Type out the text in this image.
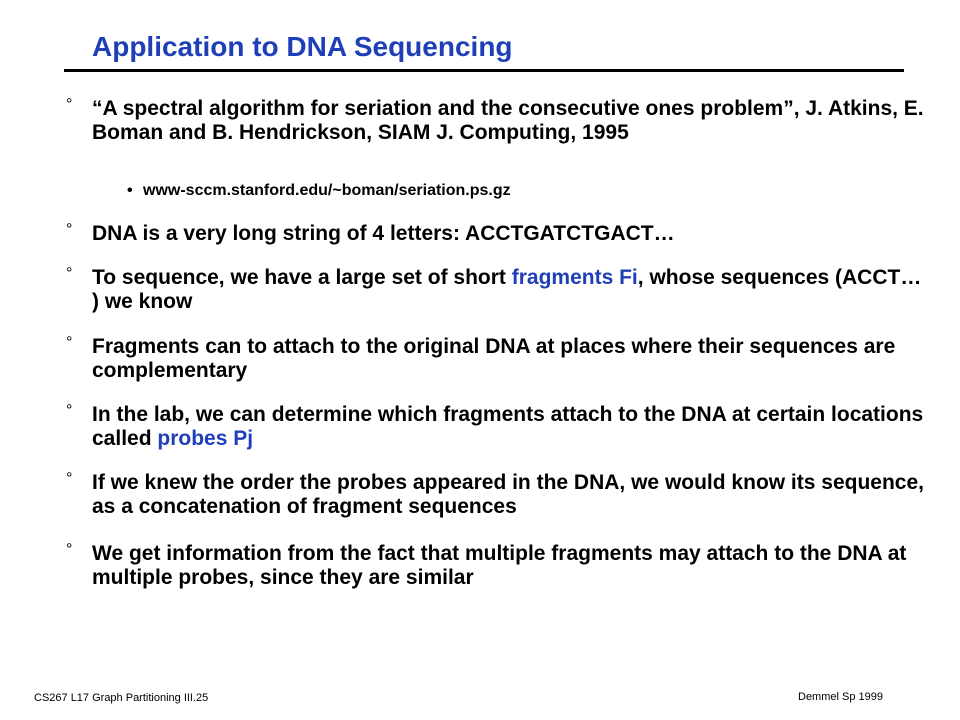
Application to DNA Sequencing
° “A spectral algorithm for seriation and the consecutive ones problem”, J. Atkins, E. Boman and B. Hendrickson, SIAM J. Computing, 1995
• www-sccm.stanford.edu/~boman/seriation.ps.gz
° DNA is a very long string of 4 letters: ACCTGATCTGACT…
° To sequence, we have a large set of short fragments Fi, whose sequences (ACCT… ) we know
° Fragments can to attach to the original DNA at places where their sequences are complementary
° In the lab, we can determine which fragments attach to the DNA at certain locations called probes Pj
° If we knew the order the probes appeared in the DNA, we would know its sequence, as a concatenation of fragment sequences
° We get information from the fact that multiple fragments may attach to the DNA at multiple probes, since they are similar
CS267 L17 Graph Partitioning III.25	Demmel Sp 1999
